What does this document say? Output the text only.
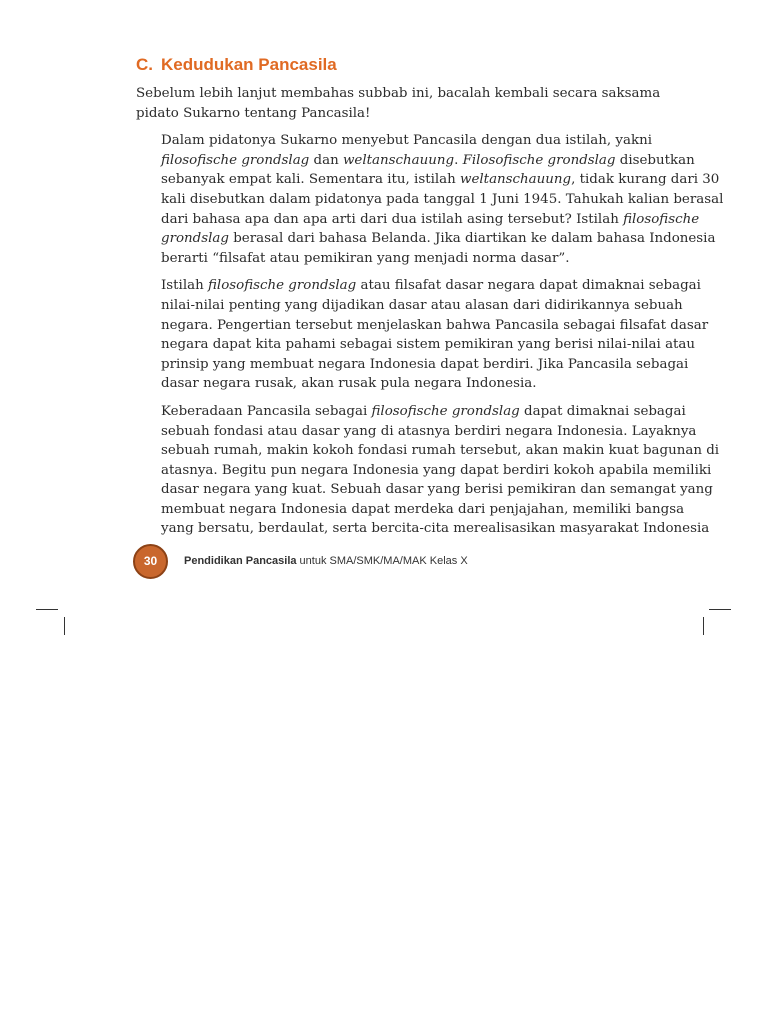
C. Kedudukan Pancasila

Sebelum lebih lanjut membahas subbab ini, bacalah kembali secara saksama
pidato Sukarno tentang Pancasila!

Dalam pidatonya Sukarno menyebut Pancasila dengan dua istilah, yakni
filosofische grondslag dan weltanschauung. Filosofische grondslag disebutkan
sebanyak empat kali. Sementara itu, istilah weltanschauung, tidak kurang dari 30
kali disebutkan dalam pidatonya pada tanggal 1 Juni 1945. Tahukah kalian berasal
dari bahasa apa dan apa arti dari dua istilah asing tersebut? Istilah filosofische
grondslag berasal dari bahasa Belanda. Jika diartikan ke dalam bahasa Indonesia
berarti “filsafat atau pemikiran yang menjadi norma dasar”.

Istilah filosofische grondslag atau filsafat dasar negara dapat dimaknai sebagai
nilai-nilai penting yang dijadikan dasar atau alasan dari didirikannya sebuah
negara. Pengertian tersebut menjelaskan bahwa Pancasila sebagai filsafat dasar
negara dapat kita pahami sebagai sistem pemikiran yang berisi nilai-nilai atau
prinsip yang membuat negara Indonesia dapat berdiri. Jika Pancasila sebagai
dasar negara rusak, akan rusak pula negara Indonesia.

Keberadaan Pancasila sebagai filosofische grondslag dapat dimaknai sebagai
sebuah fondasi atau dasar yang di atasnya berdiri negara Indonesia. Layaknya
sebuah rumah, makin kokoh fondasi rumah tersebut, akan makin kuat bagunan di
atasnya. Begitu pun negara Indonesia yang dapat berdiri kokoh apabila memiliki
dasar negara yang kuat. Sebuah dasar yang berisi pemikiran dan semangat yang
membuat negara Indonesia dapat merdeka dari penjajahan, memiliki bangsa
yang bersatu, berdaulat, serta bercita-cita merealisasikan masyarakat Indonesia

30	Pendidikan Pancasila untuk SMA/SMK/MA/MAK Kelas X
